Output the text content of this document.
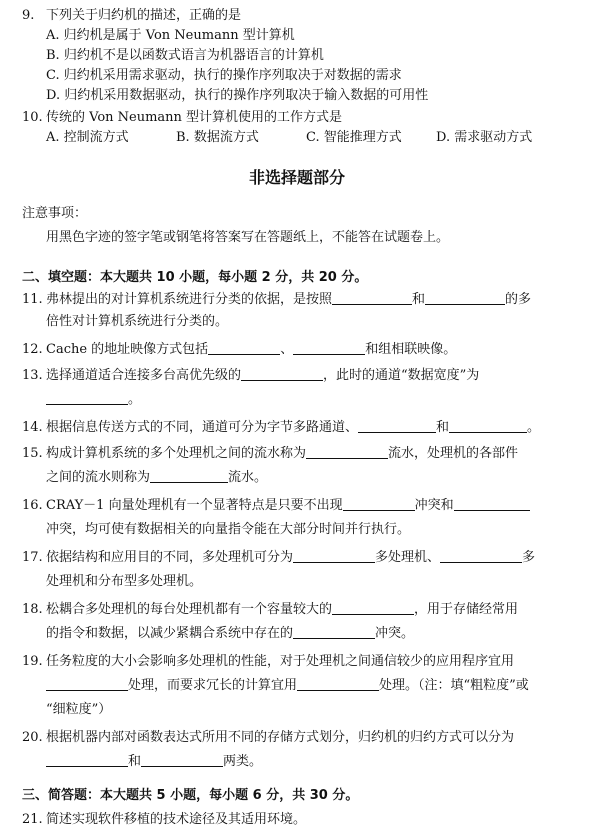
9. 下列关于归约机的描述，正确的是
A. 归约机是属于 Von Neumann 型计算机
B. 归约机不是以函数式语言为机器语言的计算机
C. 归约机采用需求驱动，执行的操作序列取决于对数据的需求
D. 归约机采用数据驱动，执行的操作序列取决于输入数据的可用性
10. 传统的 Von Neumann 型计算机使用的工作方式是
A. 控制流方式	B. 数据流方式	C. 智能推理方式	D. 需求驱动方式
非选择题部分
注意事项：
用黑色字迹的签字笔或钢笔将答案写在答题纸上，不能答在试题卷上。
二、填空题：本大题共 10 小题，每小题 2 分，共 20 分。
11. 弗林提出的对计算机系统进行分类的依据，是按照	和	的多
倍性对计算机系统进行分类的。
12. Cache 的地址映像方式包括	、	和组相联映像。
13. 选择通道适合连接多台高优先级的	，此时的通道“数据宽度”为
。
14. 根据信息传送方式的不同，通道可分为字节多路通道、	和	。
15. 构成计算机系统的多个处理机之间的流水称为	流水，处理机的各部件
之间的流水则称为	流水。
16. CRAY－1 向量处理机有一个显著特点是只要不出现	冲突和
冲突，均可使有数据相关的向量指令能在大部分时间并行执行。
17. 依据结构和应用目的不同，多处理机可分为	多处理机、	多
处理机和分布型多处理机。
18. 松耦合多处理机的每台处理机都有一个容量较大的	，用于存储经常用
的指令和数据，以减少紧耦合系统中存在的	冲突。
19. 任务粒度的大小会影响多处理机的性能，对于处理机之间通信较少的应用程序宜用
处理，而要求冗长的计算宜用	处理。（注：填“粗粒度”或
“细粒度”）
20. 根据机器内部对函数表达式所用不同的存储方式划分，归约机的归约方式可以分为
和	两类。
三、简答题：本大题共 5 小题，每小题 6 分，共 30 分。
21. 简述实现软件移植的技术途径及其适用环境。
